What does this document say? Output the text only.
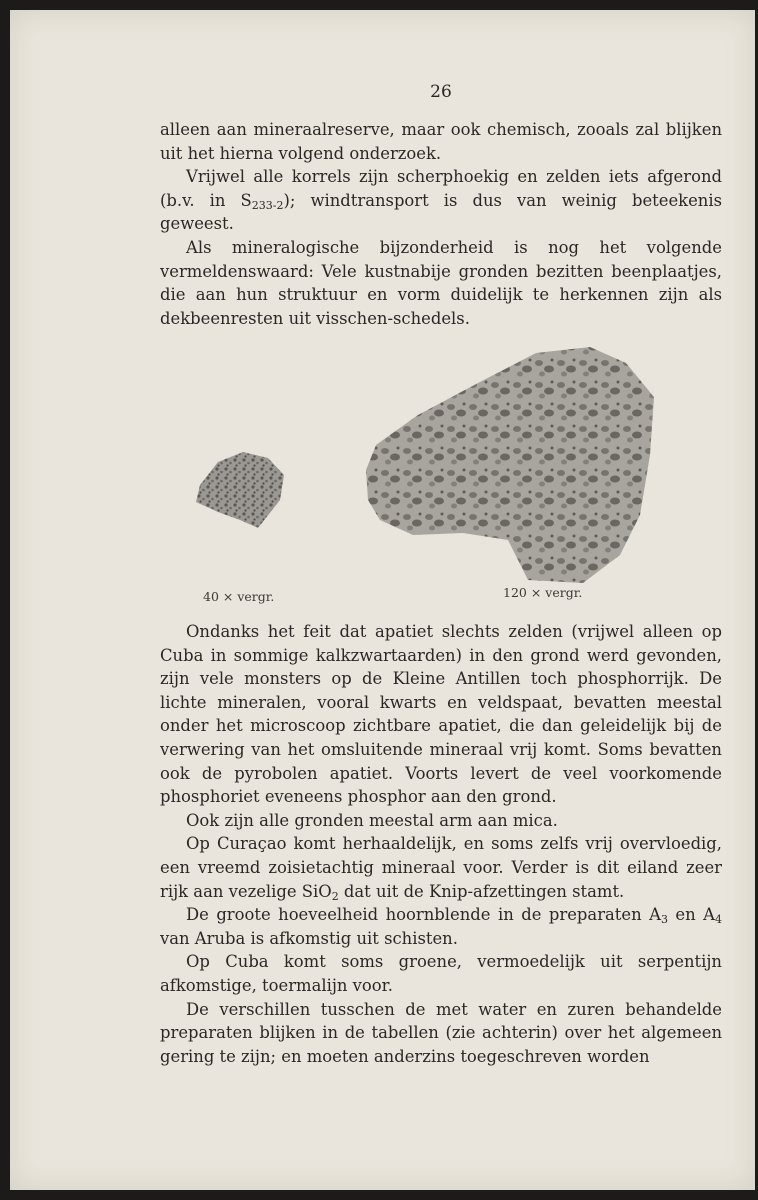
26

alleen aan mineraalreserve, maar ook chemisch, zooals zal blijken uit het hierna volgend onderzoek.

Vrijwel alle korrels zijn scherphoekig en zelden iets afgerond (b.v. in $S_{233-2}$); windtransport is dus van weinig beteekenis geweest.

Als mineralogische bijzonderheid is nog het volgende vermeldenswaard: Vele kustnabije gronden bezitten beenplaatjes, die aan hun struktuur en vorm duidelijk te herkennen zijn als dekbeenresten uit visschen-schedels.

40 × vergr.	120 × vergr.

Ondanks het feit dat apatiet slechts zelden (vrijwel alleen op Cuba in sommige kalkzwartaarden) in den grond werd gevonden, zijn vele monsters op de Kleine Antillen toch phosphorrijk. De lichte mineralen, vooral kwarts en veldspaat, bevatten meestal onder het microscoop zichtbare apatiet, die dan geleidelijk bij de verwering van het omsluitende mineraal vrij komt. Soms bevatten ook de pyrobolen apatiet. Voorts levert de veel voorkomende phosphoriet eveneens phosphor aan den grond.

Ook zijn alle gronden meestal arm aan mica.

Op Curaçao komt herhaaldelijk, en soms zelfs vrij overvloedig, een vreemd zoisietachtig mineraal voor. Verder is dit eiland zeer rijk aan vezelige SiO$_2$ dat uit de Knip-afzettingen stamt.

De groote hoeveelheid hoornblende in de preparaten $A_3$ en $A_4$ van Aruba is afkomstig uit schisten.

Op Cuba komt soms groene, vermoedelijk uit serpentijn afkomstige, toermalijn voor.

De verschillen tusschen de met water en zuren behandelde preparaten blijken in de tabellen (zie achterin) over het algemeen gering te zijn; en moeten anderzins toegeschreven worden
